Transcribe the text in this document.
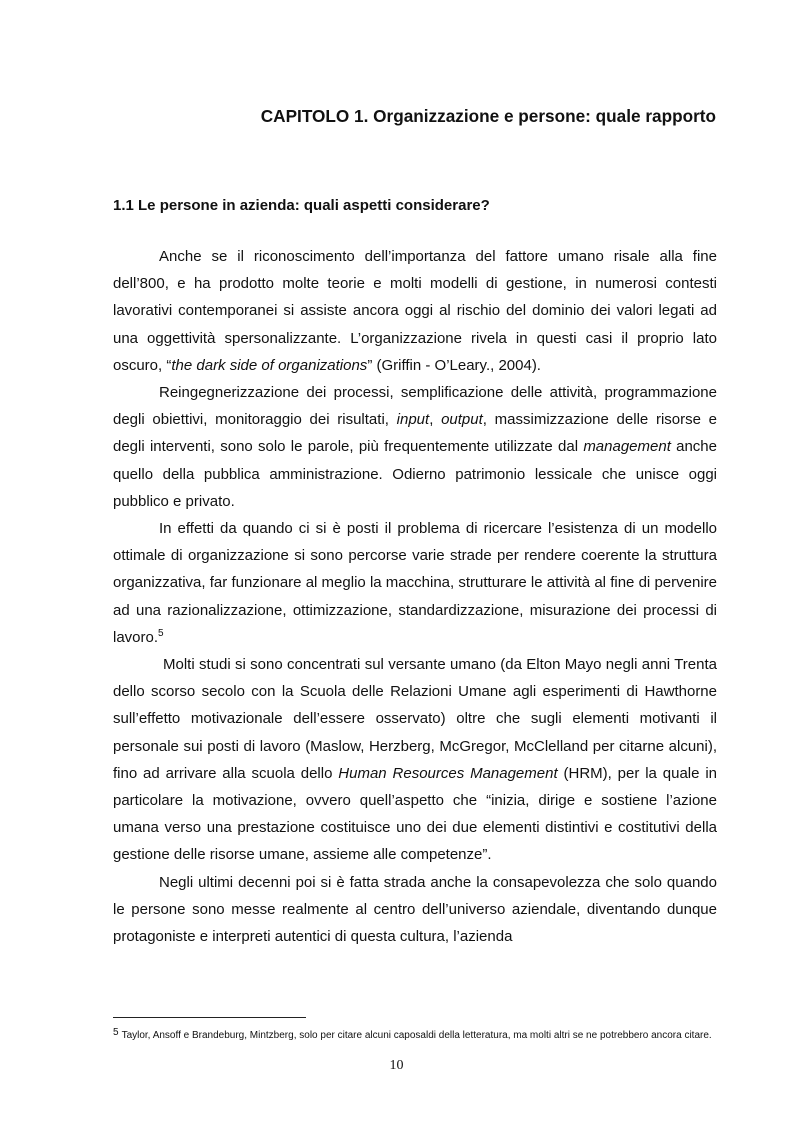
CAPITOLO 1. Organizzazione e persone: quale rapporto
1.1 Le persone in azienda: quali aspetti considerare?

Anche se il riconoscimento dell’importanza del fattore umano risale alla fine dell’800, e ha prodotto molte teorie e molti modelli di gestione, in numerosi contesti lavorativi contemporanei si assiste ancora oggi al rischio del dominio dei valori legati ad una oggettività spersonalizzante. L’organizzazione rivela in questi casi il proprio lato oscuro, “the dark side of organizations” (Griffin - O’Leary., 2004).

Reingegnerizzazione dei processi, semplificazione delle attività, programmazione degli obiettivi, monitoraggio dei risultati, input, output, massimizzazione delle risorse e degli interventi, sono solo le parole, più frequentemente utilizzate dal management anche quello della pubblica amministrazione. Odierno patrimonio lessicale che unisce oggi pubblico e privato.

In effetti da quando ci si è posti il problema di ricercare l’esistenza di un modello ottimale di organizzazione si sono percorse varie strade per rendere coerente la struttura organizzativa, far funzionare al meglio la macchina, strutturare le attività al fine di pervenire ad una razionalizzazione, ottimizzazione, standardizzazione, misurazione dei processi di lavoro.$^5$

Molti studi si sono concentrati sul versante umano (da Elton Mayo negli anni Trenta dello scorso secolo con la Scuola delle Relazioni Umane agli esperimenti di Hawthorne sull’effetto motivazionale dell’essere osservato) oltre che sugli elementi motivanti il personale sui posti di lavoro (Maslow, Herzberg, McGregor, McClelland per citarne alcuni), fino ad arrivare alla scuola dello Human Resources Management (HRM), per la quale in particolare la motivazione, ovvero quell’aspetto che “inizia, dirige e sostiene l’azione umana verso una prestazione costituisce uno dei due elementi distintivi e costitutivi della gestione delle risorse umane, assieme alle competenze”.

Negli ultimi decenni poi si è fatta strada anche la consapevolezza che solo quando le persone sono messe realmente al centro dell’universo aziendale, diventando dunque protagoniste e interpreti autentici di questa cultura, l’azienda

$^5$ Taylor, Ansoff e Brandeburg, Mintzberg, solo per citare alcuni caposaldi della letteratura, ma molti altri se ne potrebbero ancora citare.
10
